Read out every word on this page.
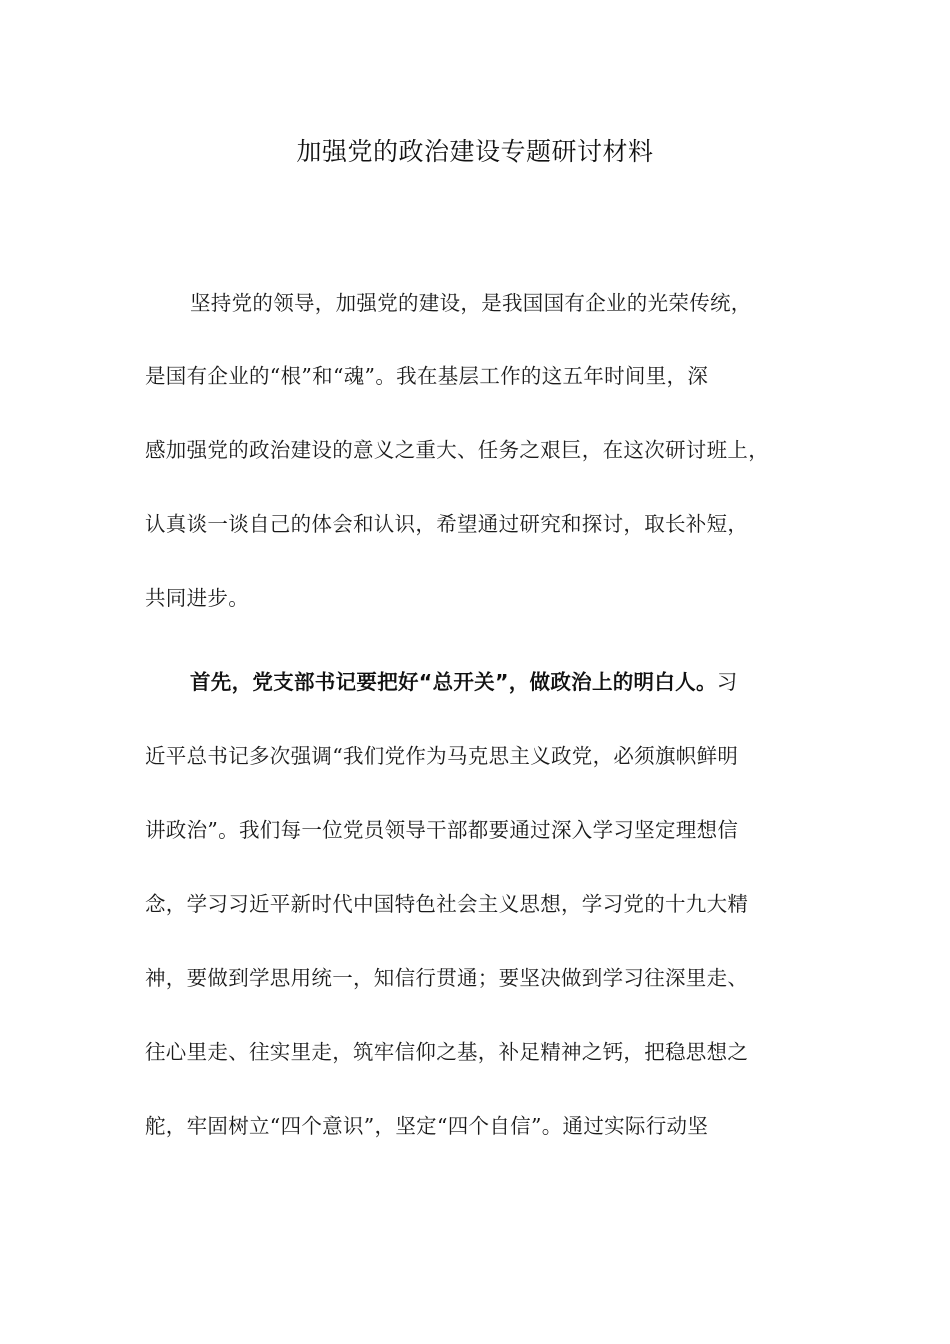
加强党的政治建设专题研讨材料
坚持党的领导，加强党的建设，是我国国有企业的光荣传统，
是国有企业的“根”和“魂”。我在基层工作的这五年时间里，深
感加强党的政治建设的意义之重大、任务之艰巨，在这次研讨班上，
认真谈一谈自己的体会和认识，希望通过研究和探讨，取长补短，
共同进步。
首先，党支部书记要把好“总开关”，做政治上的明白人。习
近平总书记多次强调“我们党作为马克思主义政党，必须旗帜鲜明
讲政治”。我们每一位党员领导干部都要通过深入学习坚定理想信
念，学习习近平新时代中国特色社会主义思想，学习党的十九大精
神，要做到学思用统一，知信行贯通；要坚决做到学习往深里走、
往心里走、往实里走，筑牢信仰之基，补足精神之钙，把稳思想之
舵，牢固树立“四个意识”，坚定“四个自信”。通过实际行动坚
